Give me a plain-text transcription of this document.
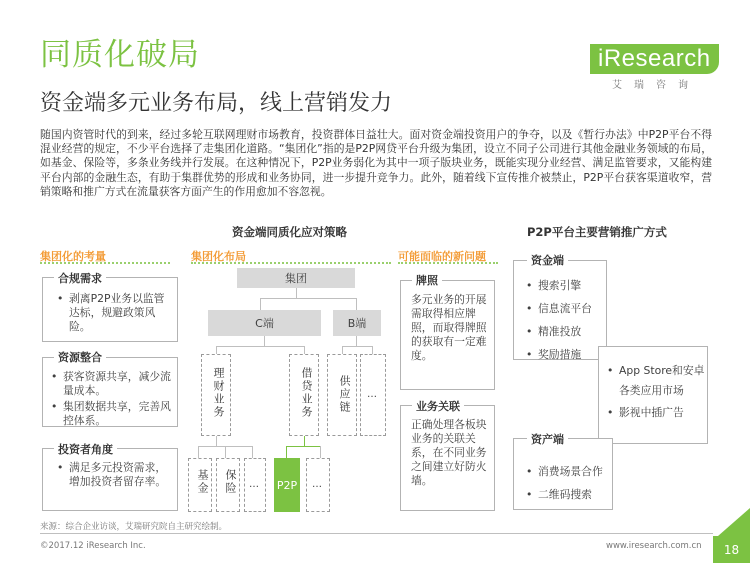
同质化破局
资金端多元业务布局，线上营销发力
iResearch
艾瑞咨询
随国内资管时代的到来，经过多轮互联网理财市场教育，投资群体日益壮大。面对资金端投资用户的争夺，以及《暂行办法》中P2P平台不得混业经营的规定，不少平台选择了走集团化道路。“集团化”指的是P2P网贷平台升级为集团，设立不同子公司进行其他金融业务领域的布局，如基金、保险等，多条业务线并行发展。在这种情况下，P2P业务弱化为其中一项子版块业务，既能实现分业经营、满足监管要求，又能构建平台内部的金融生态，有助于集群优势的形成和业务协同，进一步提升竞争力。此外，随着线下宣传推介被禁止，P2P平台获客渠道收窄，营销策略和推广方式在流量获客方面产生的作用愈加不容忽视。
资金端同质化应对策略	P2P平台主要营销推广方式
集团化的考量	集团化布局	可能面临的新问题
• 剥离P2P业务以监管达标，规避政策风险。
合规需求
• 获客资源共享，减少流量成本。
• 集团数据共享，完善风控体系。
资源整合
• 满足多元投资需求，增加投资者留存率。
投资者角度
集团
C端	B端
理财业务	借贷业务 供应链 …
基金 保险 … P2P …
多元业务的开展需取得相应牌照，而取得牌照的获取有一定难度。
牌照
正确处理各板块业务的关联关系，在不同业务之间建立好防火墙。
业务关联
• 搜索引擎
• 信息流平台
• 精准投放
• 奖励措施
资金端
• App Store和安卓各类应用市场
• 影视中插广告
• 消费场景合作
• 二维码搜索
资产端
来源：综合企业访谈，艾瑞研究院自主研究绘制。
©2017.12 iResearch Inc.	www.iresearch.com.cn	18
